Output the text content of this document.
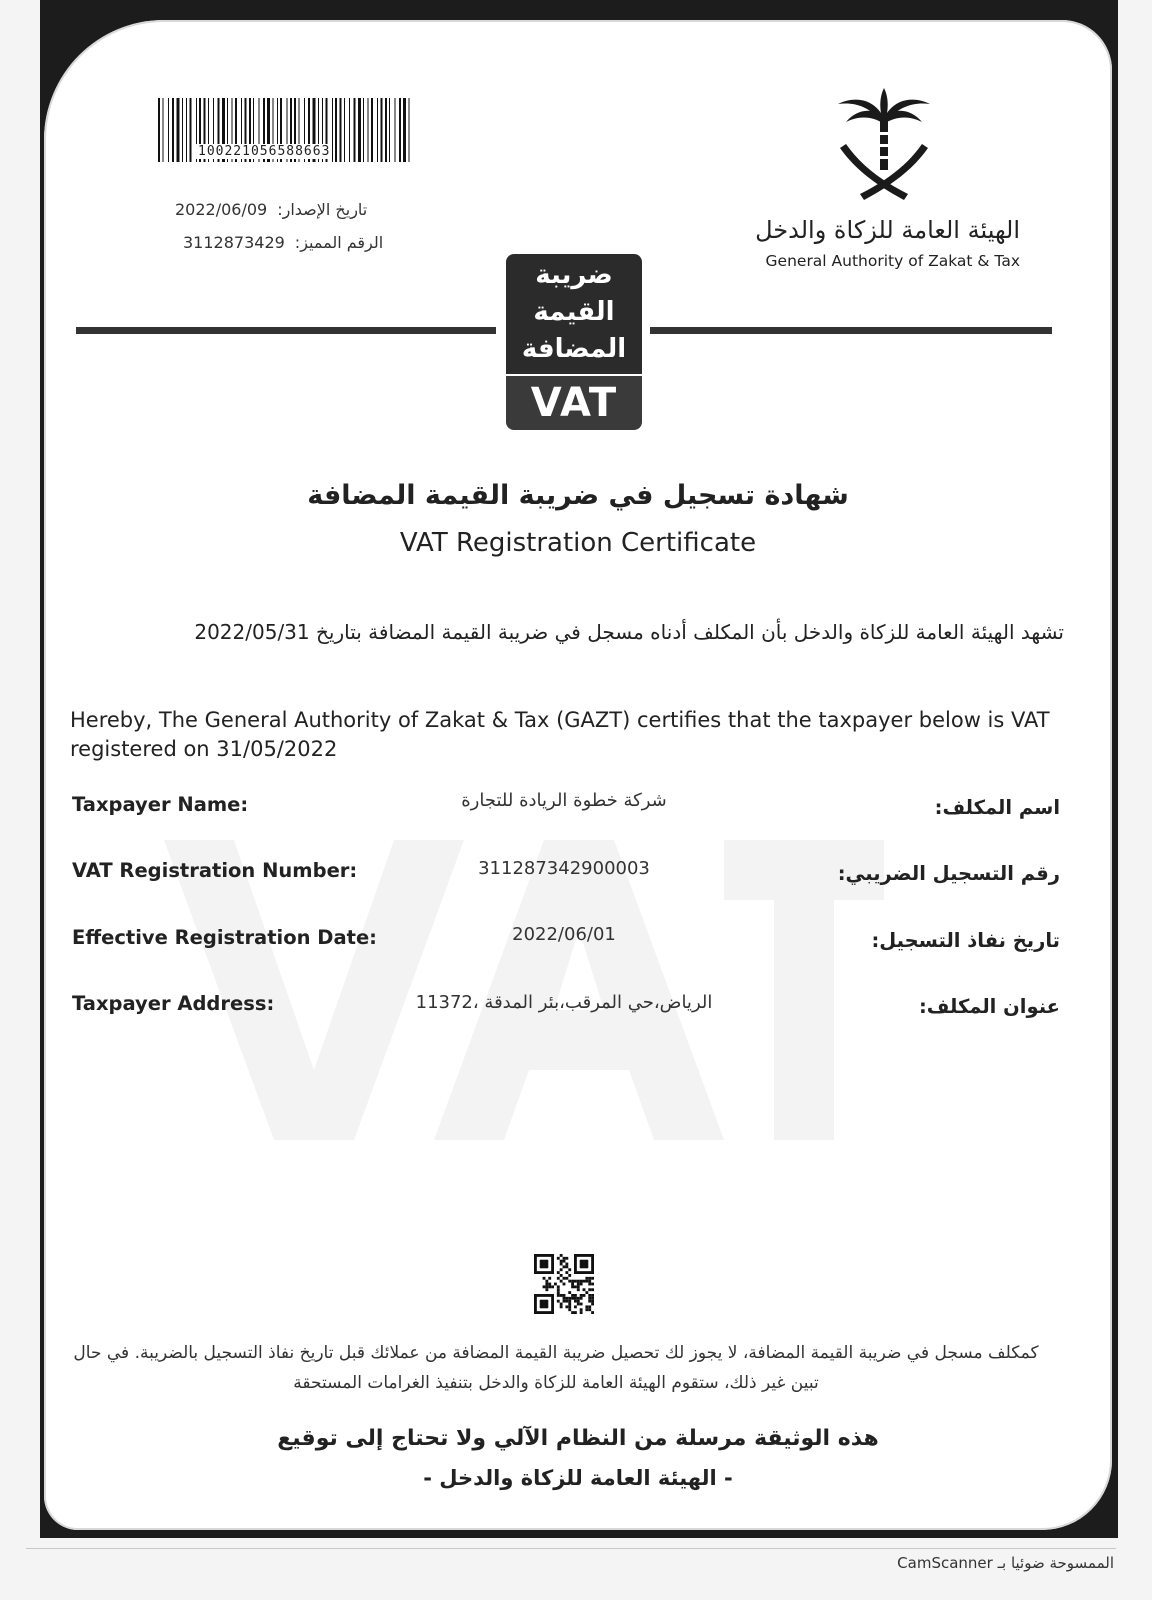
100221056588663
2022/06/09 تاريخ الإصدار:
3112873429 الرقم المميز:	الهيئة العامة للزكاة والدخل
General Authority of Zakat & Tax
ضريبة
القيمة
المضافة
VAT
شهادة تسجيل في ضريبة القيمة المضافة
VAT Registration Certificate
تشهد الهيئة العامة للزكاة والدخل بأن المكلف أدناه مسجل في ضريبة القيمة المضافة بتاريخ 2022/05/31
Hereby, The General Authority of Zakat & Tax (GAZT) certifies that the taxpayer below is VAT registered on 31/05/2022
Taxpayer Name:	شركة خطوة الريادة للتجارة	اسم المكلف:
VAT Registration Number:	311287342900003	رقم التسجيل الضريبي:
Effective Registration Date:	2022/06/01	تاريخ نفاذ التسجيل:
Taxpayer Address:	الرياض،حي المرقب،بئر المدقة ،11372	عنوان المكلف:
كمكلف مسجل في ضريبة القيمة المضافة، لا يجوز لك تحصيل ضريبة القيمة المضافة من عملائك قبل تاريخ نفاذ التسجيل بالضريبة. في حال تبين غير ذلك، ستقوم الهيئة العامة للزكاة والدخل بتنفيذ الغرامات المستحقة
هذه الوثيقة مرسلة من النظام الآلي ولا تحتاج إلى توقيع
- الهيئة العامة للزكاة والدخل -
الممسوحة ضوئيا بـ CamScanner
